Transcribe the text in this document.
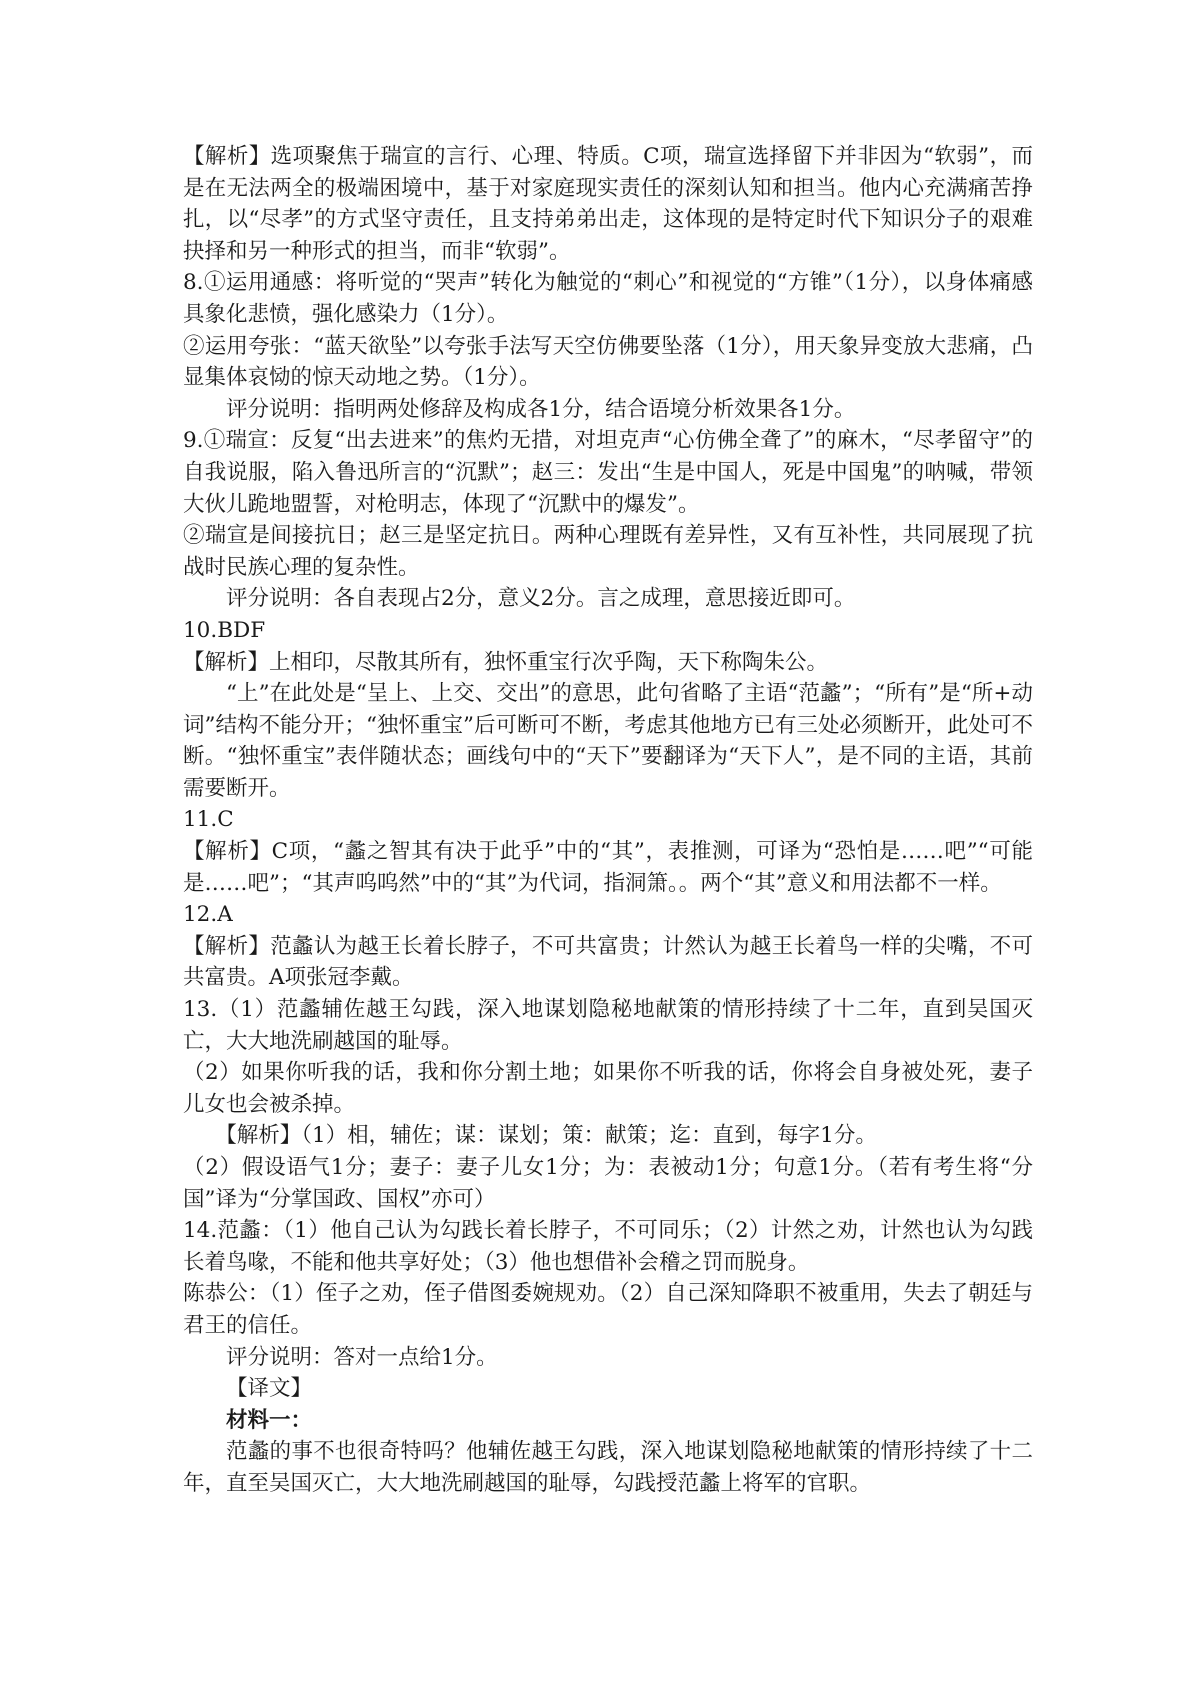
【解析】选项聚焦于瑞宣的言行、心理、特质。C项，瑞宣选择留下并非因为“软弱”，而是在无法两全的极端困境中，基于对家庭现实责任的深刻认知和担当。他内心充满痛苦挣扎，以“尽孝”的方式坚守责任，且支持弟弟出走，这体现的是特定时代下知识分子的艰难抉择和另一种形式的担当，而非“软弱”。

8.①运用通感：将听觉的“哭声”转化为触觉的“刺心”和视觉的“方锥”（1分），以身体痛感具象化悲愤，强化感染力（1分）。

②运用夸张：“蓝天欲坠”以夸张手法写天空仿佛要坠落（1分），用天象异变放大悲痛，凸显集体哀恸的惊天动地之势。（1分）。

评分说明：指明两处修辞及构成各1分，结合语境分析效果各1分。

9.①瑞宣：反复“出去进来”的焦灼无措，对坦克声“心仿佛全聋了”的麻木，“尽孝留守”的自我说服，陷入鲁迅所言的“沉默”；赵三：发出“生是中国人，死是中国鬼”的呐喊，带领大伙儿跪地盟誓，对枪明志，体现了“沉默中的爆发”。

②瑞宣是间接抗日；赵三是坚定抗日。两种心理既有差异性，又有互补性，共同展现了抗战时民族心理的复杂性。

评分说明：各自表现占2分，意义2分。言之成理，意思接近即可。

10.BDF

【解析】上相印，尽散其所有，独怀重宝行次乎陶，天下称陶朱公。

“上”在此处是“呈上、上交、交出”的意思，此句省略了主语“范蠡”；“所有”是“所+动词”结构不能分开；“独怀重宝”后可断可不断，考虑其他地方已有三处必须断开，此处可不断。“独怀重宝”表伴随状态；画线句中的“天下”要翻译为“天下人”，是不同的主语，其前需要断开。

11.C

【解析】C项，“蠡之智其有决于此乎”中的“其”，表推测，可译为“恐怕是……吧”“可能是……吧”；“其声呜呜然”中的“其”为代词，指洞箫。。两个“其”意义和用法都不一样。

12.A

【解析】范蠡认为越王长着长脖子，不可共富贵；计然认为越王长着鸟一样的尖嘴，不可共富贵。A项张冠李戴。

13.（1）范蠡辅佐越王勾践，深入地谋划隐秘地献策的情形持续了十二年，直到吴国灭亡，大大地洗刷越国的耻辱。

（2）如果你听我的话，我和你分割土地；如果你不听我的话，你将会自身被处死，妻子儿女也会被杀掉。

【解析】（1）相，辅佐；谋：谋划；策：献策；迄：直到，每字1分。

（2）假设语气1分；妻子：妻子儿女1分；为：表被动1分；句意1分。（若有考生将“分国”译为“分掌国政、国权”亦可）

14.范蠡：（1）他自己认为勾践长着长脖子，不可同乐；（2）计然之劝，计然也认为勾践长着鸟喙，不能和他共享好处；（3）他也想借补会稽之罚而脱身。

陈恭公：（1）侄子之劝，侄子借图委婉规劝。（2）自己深知降职不被重用，失去了朝廷与君王的信任。

评分说明：答对一点给1分。

【译文】

材料一：

范蠡的事不也很奇特吗？他辅佐越王勾践，深入地谋划隐秘地献策的情形持续了十二年，直至吴国灭亡，大大地洗刷越国的耻辱，勾践授范蠡上将军的官职。
